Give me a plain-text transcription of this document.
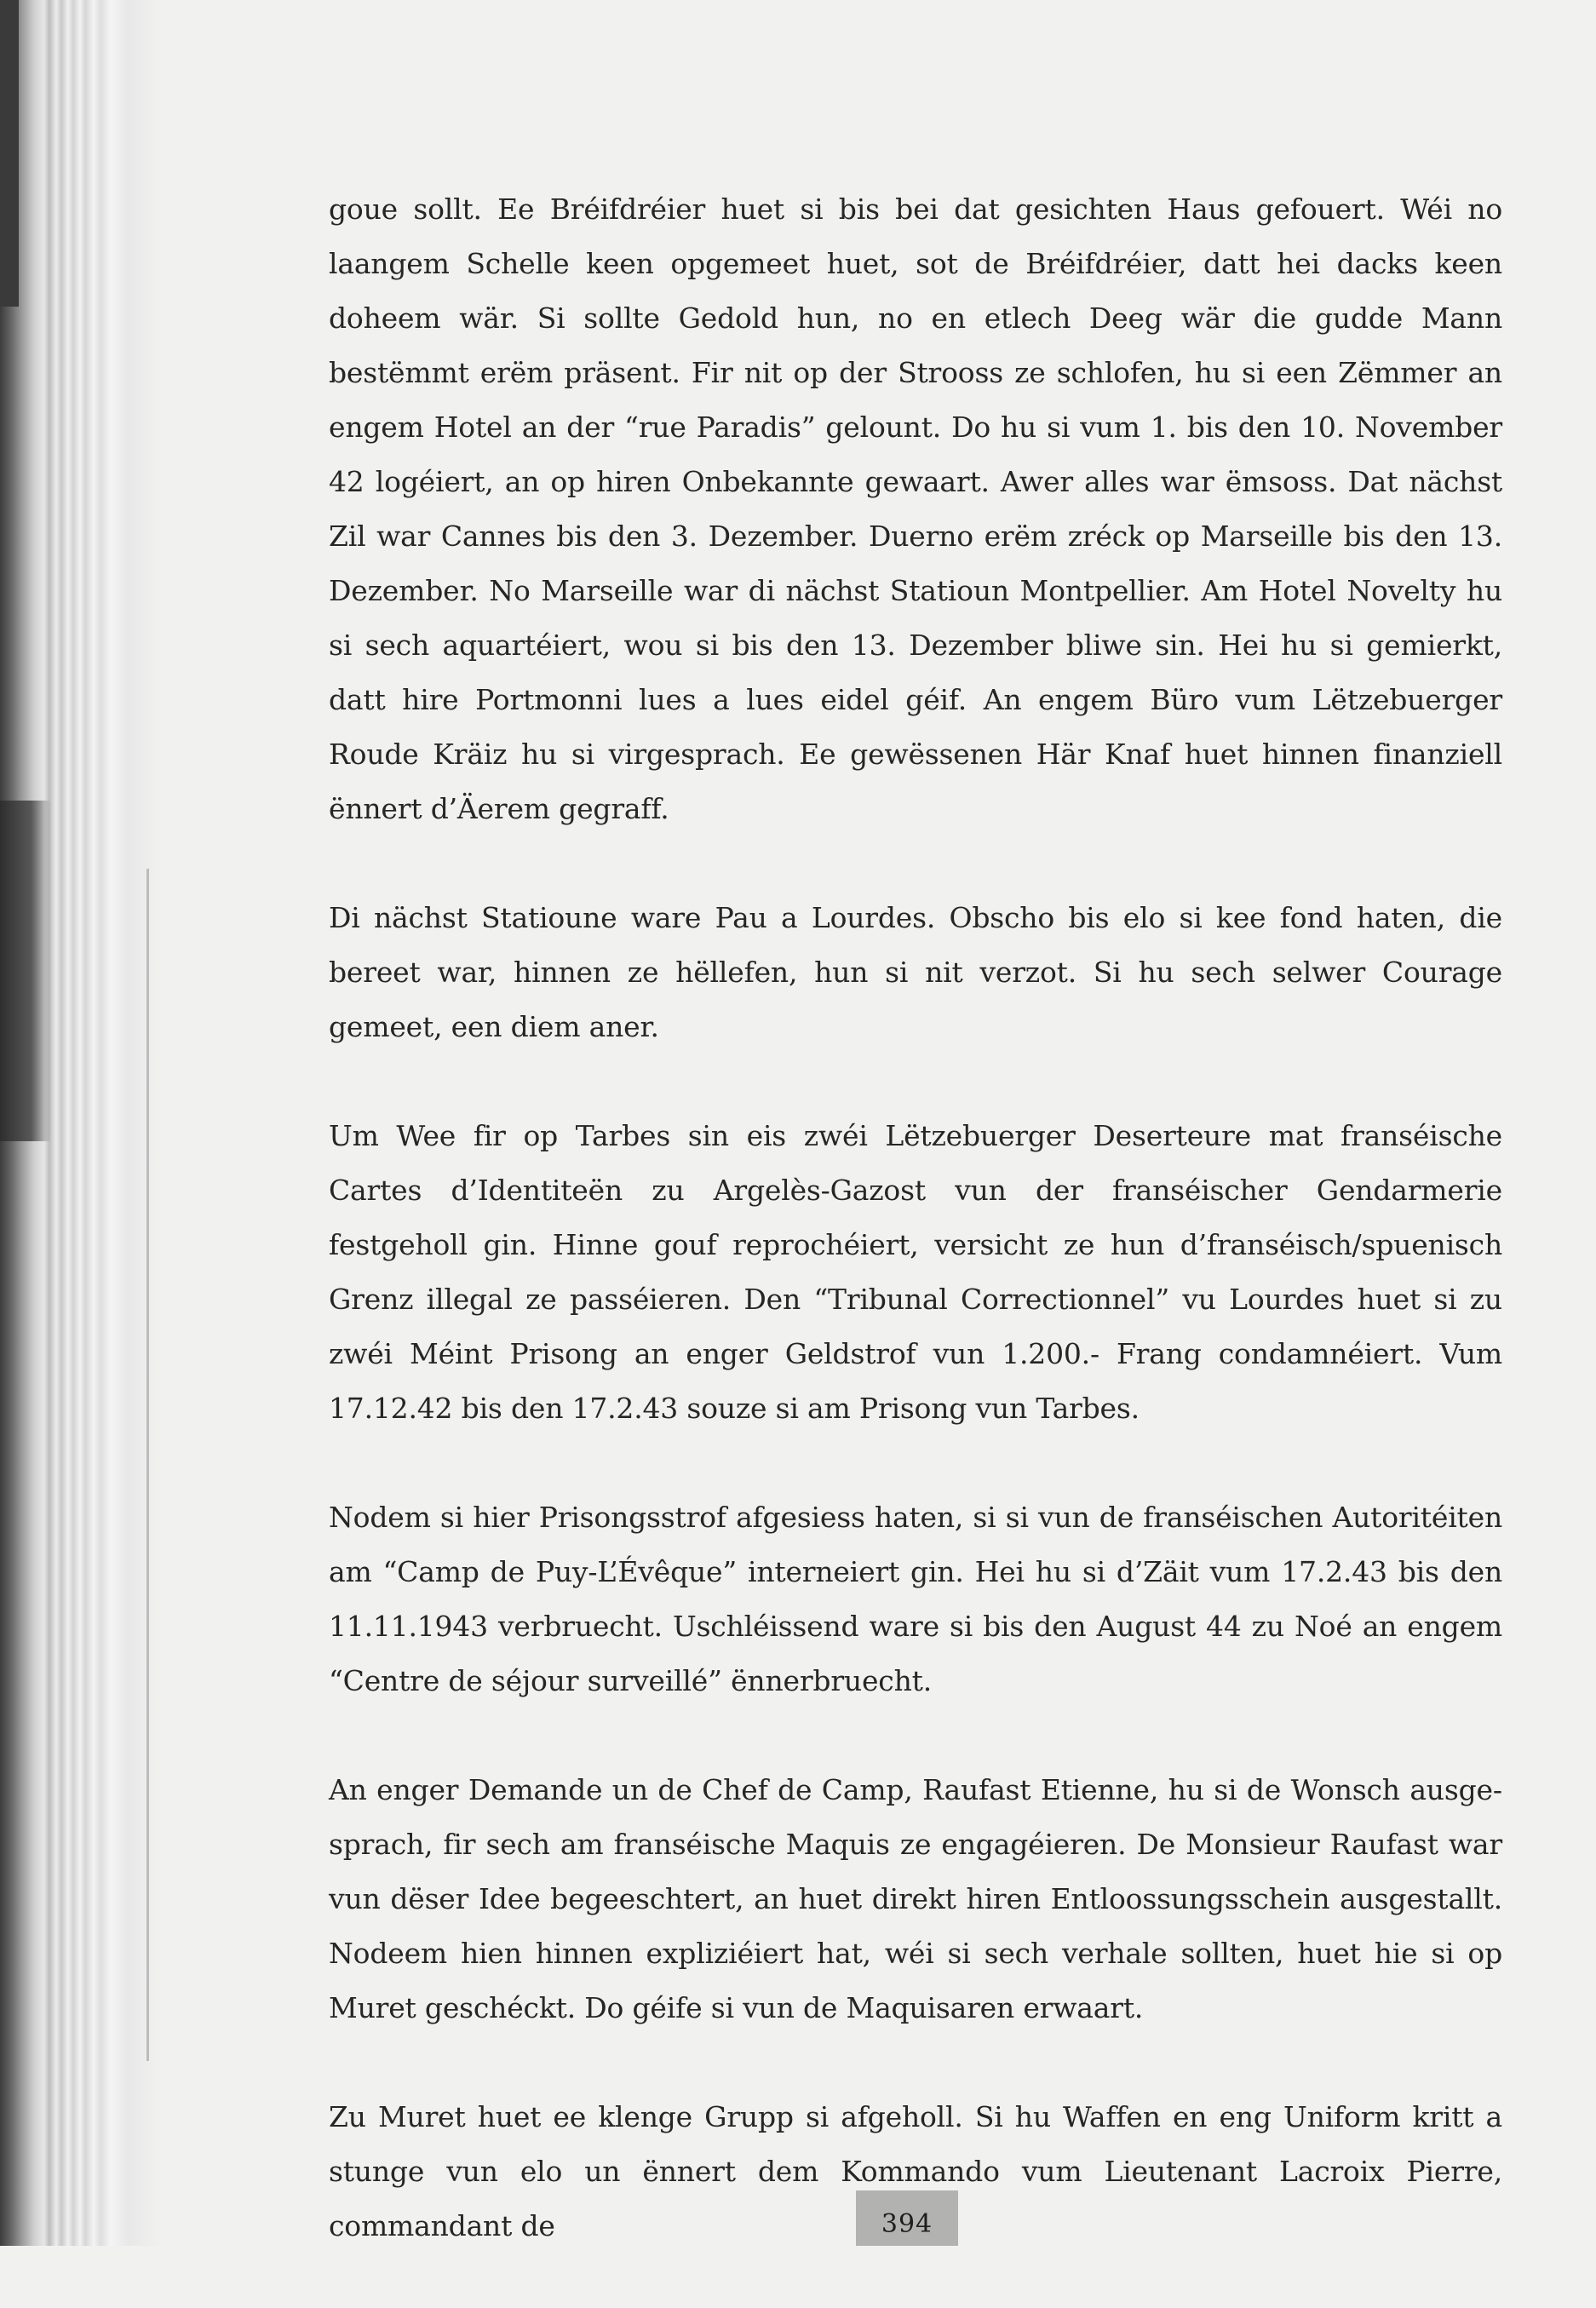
goue sollt. Ee Bréifdréier huet si bis bei dat gesichten Haus gefouert. Wéi no laangem Schelle keen opgemeet huet, sot de Bréifdréier, datt hei dacks keen doheem wär. Si sollte Gedold hun, no en etlech Deeg wär die gudde Mann bestëmmt erëm präsent. Fir nit op der Strooss ze schlofen, hu si een Zëmmer an engem Hotel an der “rue Paradis” gelount. Do hu si vum 1. bis den 10. November 42 logéiert, an op hiren Onbekannte gewaart. Awer alles war ëmsoss. Dat nächst Zil war Cannes bis den 3. Dezember. Duerno erëm zréck op Marseille bis den 13. Dezember. No Marseille war di nächst Statioun Montpellier. Am Hotel Novelty hu si sech aquartéiert, wou si bis den 13. Dezember bliwe sin. Hei hu si gemierkt, datt hire Portmonni lues a lues eidel géif. An engem Büro vum Lëtzebuerger Roude Kräiz hu si virgesprach. Ee gewëssenen Här Knaf huet hinnen finanziell ënnert d’Äerem gegraff.

Di nächst Statioune ware Pau a Lourdes. Obscho bis elo si kee fond haten, die bereet war, hinnen ze hëllefen, hun si nit verzot. Si hu sech selwer Courage gemeet, een diem aner.

Um Wee fir op Tarbes sin eis zwéi Lëtzebuerger Deserteure mat franséische Cartes d’Identiteën zu Argelès-Gazost vun der franséischer Gendarmerie festgeholl gin. Hinne gouf reprochéiert, versicht ze hun d’franséisch/spuenisch Grenz illegal ze passéieren. Den “Tribunal Correctionnel” vu Lourdes huet si zu zwéi Méint Prisong an enger Geldstrof vun 1.200.- Frang condamnéiert. Vum 17.12.42 bis den 17.2.43 souze si am Prisong vun Tarbes.

Nodem si hier Prisongsstrof afgesiess haten, si si vun de franséischen Autoritéiten am “Camp de Puy-L’Évêque” interneiert gin. Hei hu si d’Zäit vum 17.2.43 bis den 11.11.1943 verbruecht. Uschléissend ware si bis den August 44 zu Noé an engem “Centre de séjour surveillé” ënnerbruecht.

An enger Demande un de Chef de Camp, Raufast Etienne, hu si de Wonsch ausgesprach, fir sech am franséische Maquis ze engagéieren. De Monsieur Raufast war vun dëser Idee begeeschtert, an huet direkt hiren Entloossungsschein ausgestallt. Nodeem hien hinnen expliziéiert hat, wéi si sech verhale sollten, huet hie si op Muret geschéckt. Do géife si vun de Maquisaren erwaart.

Zu Muret huet ee klenge Grupp si afgeholl. Si hu Waffen en eng Uniform kritt a stunge vun elo un ënnert dem Kommando vum Lieutenant Lacroix Pierre, commandant de	394
